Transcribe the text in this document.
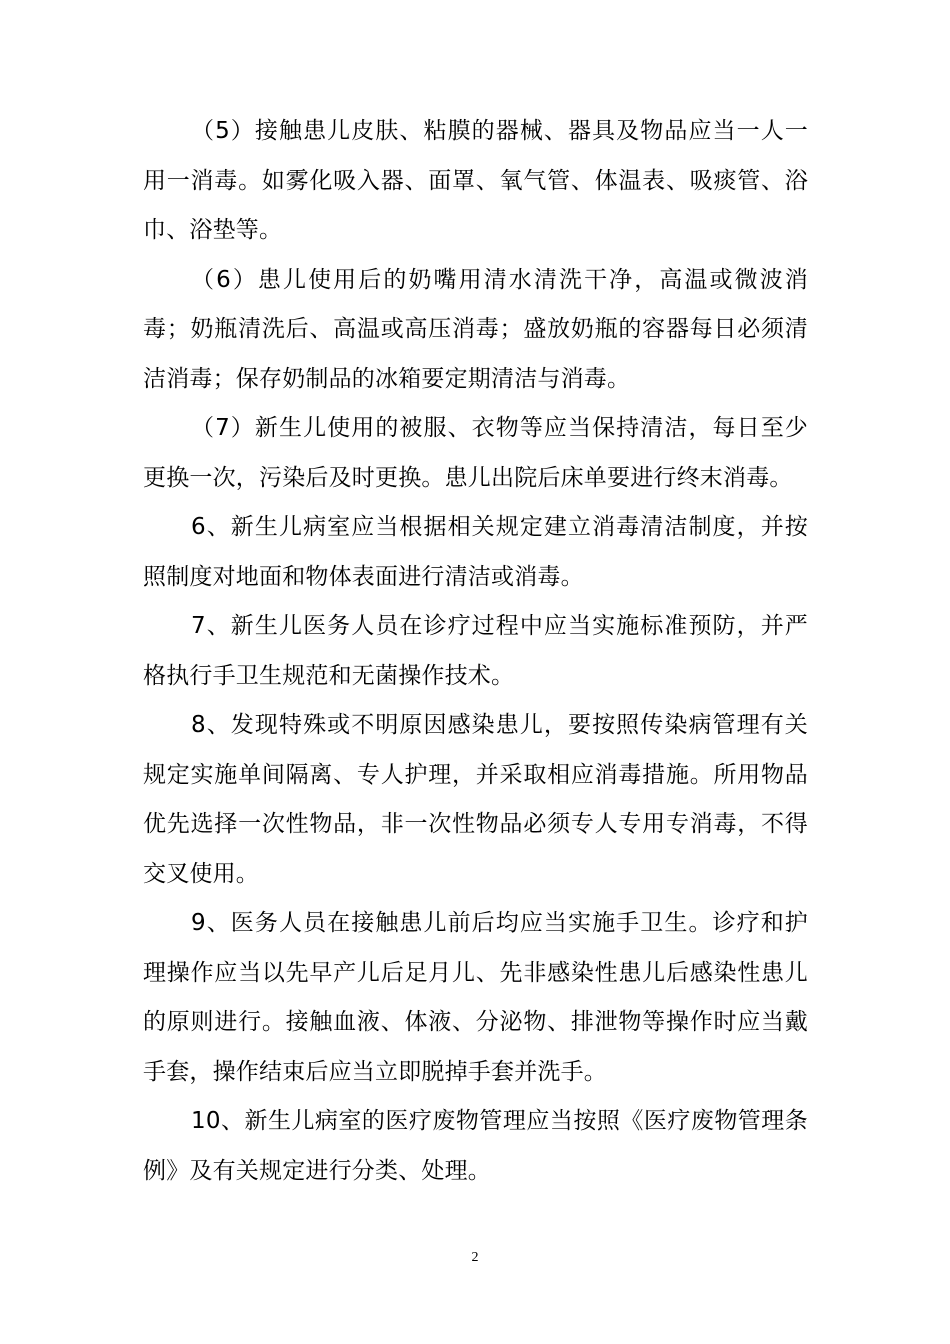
（5）接触患儿皮肤、粘膜的器械、器具及物品应当一人一用一消毒。如雾化吸入器、面罩、氧气管、体温表、吸痰管、浴巾、浴垫等。

（6）患儿使用后的奶嘴用清水清洗干净，高温或微波消毒；奶瓶清洗后、高温或高压消毒；盛放奶瓶的容器每日必须清洁消毒；保存奶制品的冰箱要定期清洁与消毒。

（7）新生儿使用的被服、衣物等应当保持清洁，每日至少更换一次，污染后及时更换。患儿出院后床单要进行终末消毒。

6、新生儿病室应当根据相关规定建立消毒清洁制度，并按照制度对地面和物体表面进行清洁或消毒。

7、新生儿医务人员在诊疗过程中应当实施标准预防，并严格执行手卫生规范和无菌操作技术。

8、发现特殊或不明原因感染患儿，要按照传染病管理有关规定实施单间隔离、专人护理，并采取相应消毒措施。所用物品优先选择一次性物品，非一次性物品必须专人专用专消毒，不得交叉使用。

9、医务人员在接触患儿前后均应当实施手卫生。诊疗和护理操作应当以先早产儿后足月儿、先非感染性患儿后感染性患儿的原则进行。接触血液、体液、分泌物、排泄物等操作时应当戴手套，操作结束后应当立即脱掉手套并洗手。

10、新生儿病室的医疗废物管理应当按照《医疗废物管理条例》及有关规定进行分类、处理。

2
